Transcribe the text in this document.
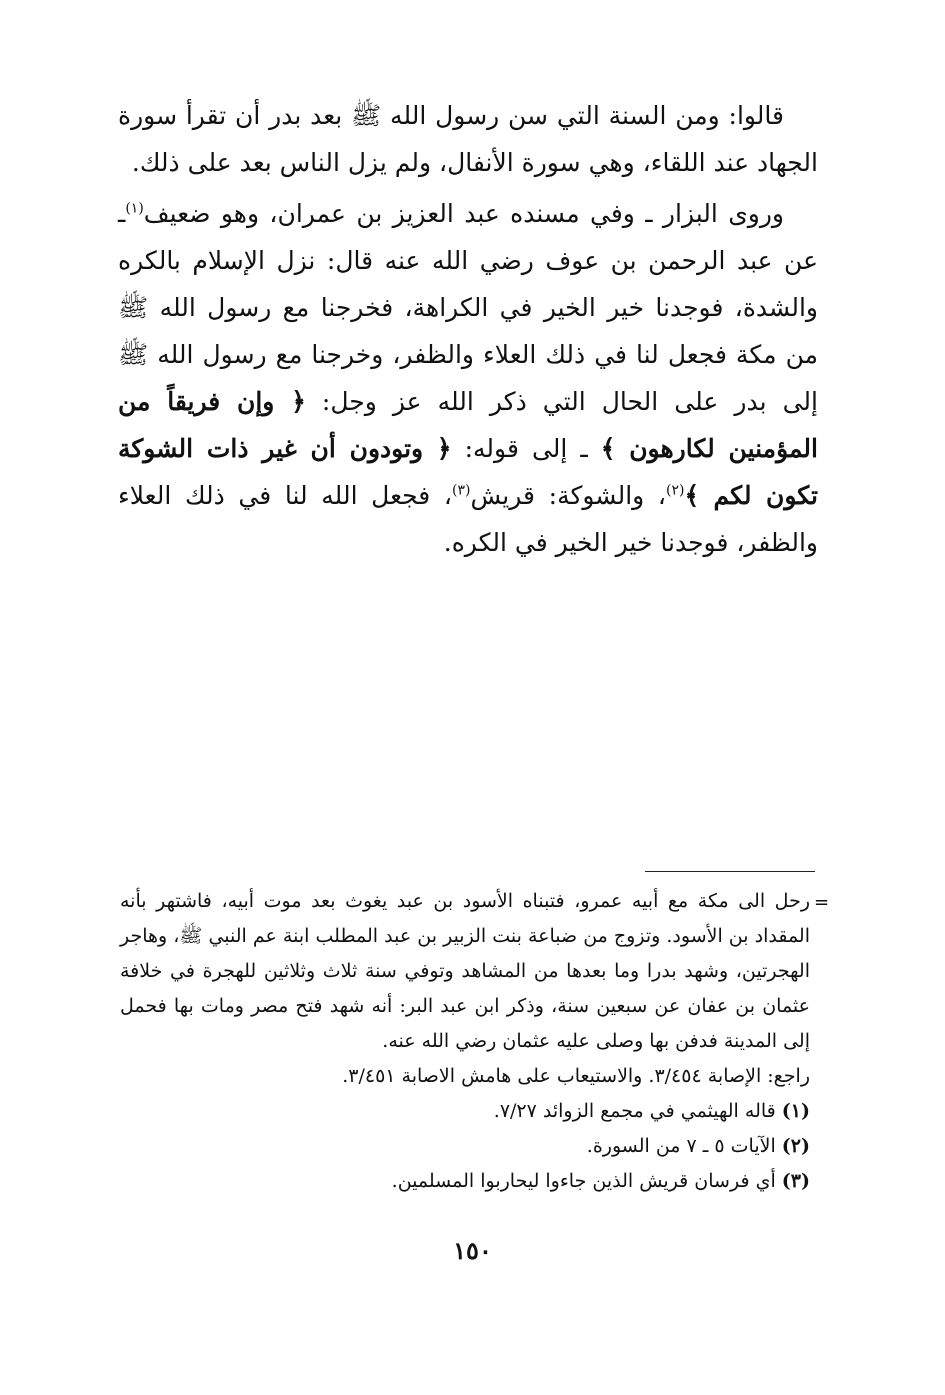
قالوا: ومن السنة التي سن رسول الله ﷺ بعد بدر أن تقرأ سورة الجهاد عند اللقاء، وهي سورة الأنفال، ولم يزل الناس بعد على ذلك.

وروى البزار ـ وفي مسنده عبد العزيز بن عمران، وهو ضعيف$^{(١)}$ـ عن عبد الرحمن بن عوف رضي الله عنه قال: نزل الإسلام بالكره والشدة، فوجدنا خير الخير في الكراهة، فخرجنا مع رسول الله ﷺ من مكة فجعل لنا في ذلك العلاء والظفر، وخرجنا مع رسول الله ﷺ إلى بدر على الحال التي ذكر الله عز وجل: ﴿ وإن فريقاً من المؤمنين لكارهون ﴾ ـ إلى قوله: ﴿ وتودون أن غير ذات الشوكة تكون لكم ﴾$^{(٢)}$، والشوكة: قريش$^{(٣)}$، فجعل الله لنا في ذلك العلاء والظفر، فوجدنا خير الخير في الكره.

=

رحل الى مكة مع أبيه عمرو، فتبناه الأسود بن عبد يغوث بعد موت أبيه، فاشتهر بأنه المقداد بن الأسود. وتزوج من ضباعة بنت الزبير بن عبد المطلب ابنة عم النبي ﷺ، وهاجر الهجرتين، وشهد بدرا وما بعدها من المشاهد وتوفي سنة ثلاث وثلاثين للهجرة في خلافة عثمان بن عفان عن سبعين سنة، وذكر ابن عبد البر: أنه شهد فتح مصر ومات بها فحمل إلى المدينة فدفن بها وصلى عليه عثمان رضي الله عنه.

راجع: الإصابة ٣/٤٥٤. والاستيعاب على هامش الاصابة ٣/٤٥١.

(١) قاله الهيثمي في مجمع الزوائد ٧/٢٧.

(٢) الآيات ٥ ـ ٧ من السورة.

(٣) أي فرسان قريش الذين جاءوا ليحاربوا المسلمين.

١٥٠
